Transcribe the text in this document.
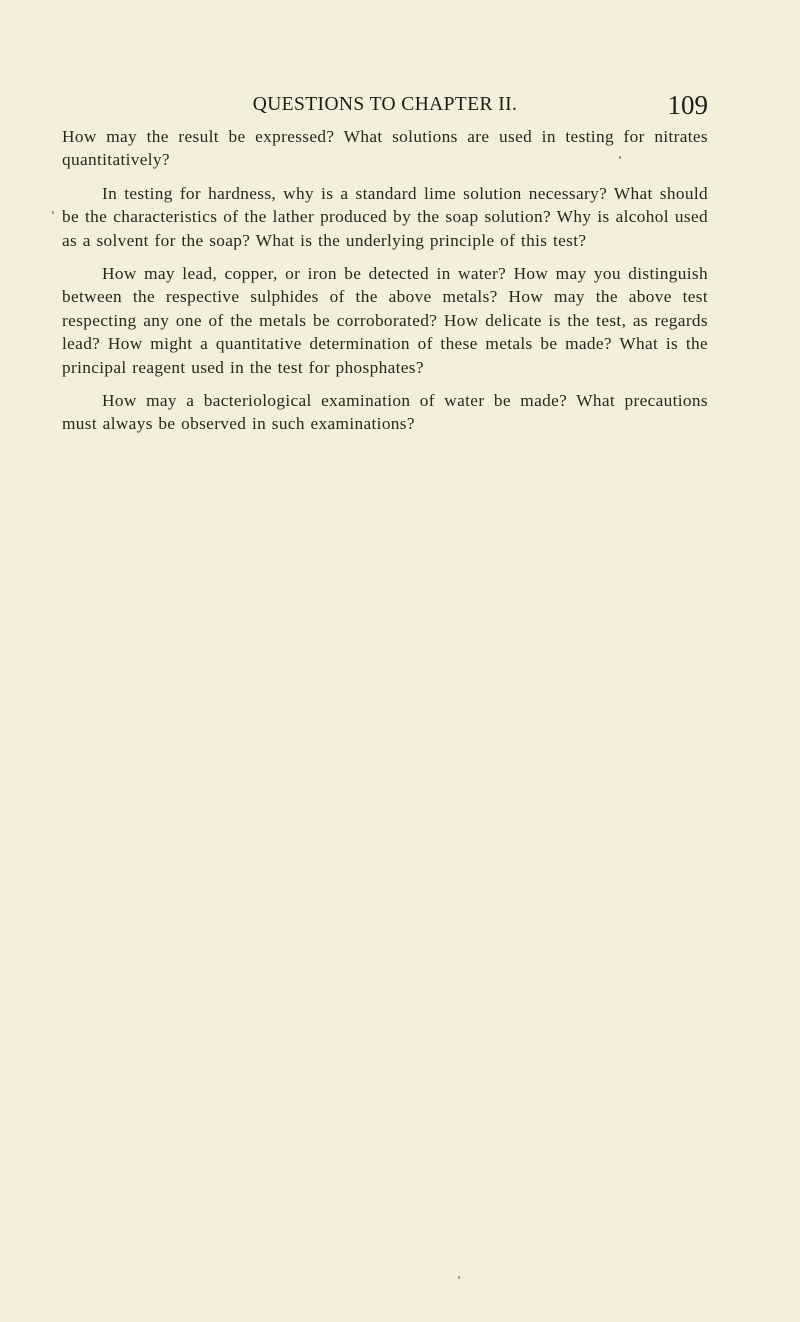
QUESTIONS TO CHAPTER II.	109

How may the result be expressed? What solutions are used in testing for nitrates quantitatively?

In testing for hardness, why is a standard lime solution necessary? What should be the characteristics of the lather produced by the soap solution? Why is alcohol used as a solvent for the soap? What is the underlying principle of this test?

How may lead, copper, or iron be detected in water? How may you distinguish between the respective sulphides of the above metals? How may the above test respecting any one of the metals be corroborated? How delicate is the test, as regards lead? How might a quantitative determination of these metals be made? What is the principal reagent used in the test for phosphates?

How may a bacteriological examination of water be made? What precautions must always be observed in such examinations?
